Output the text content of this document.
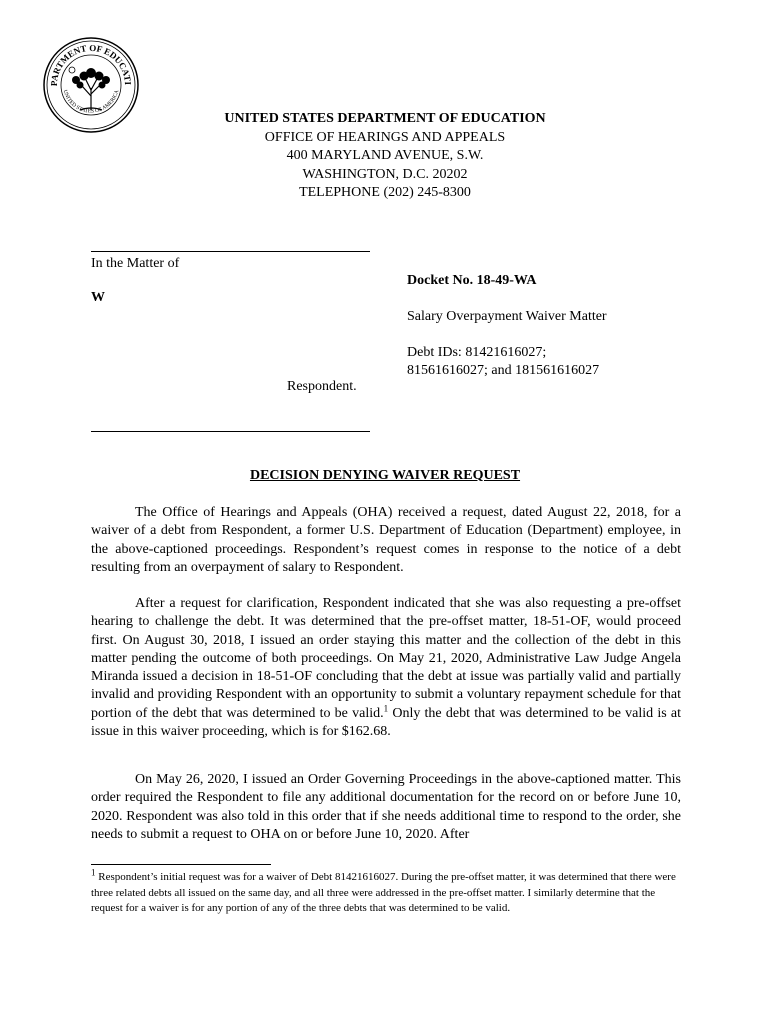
PARTMENT OF EDUCATI
UNITED STATES OF AMERICA
UNITED STATES DEPARTMENT OF EDUCATION
OFFICE OF HEARINGS AND APPEALS
400 MARYLAND AVENUE, S.W.
WASHINGTON, D.C. 20202
TELEPHONE (202) 245-8300
In the Matter of
W
Respondent.
Docket No. 18-49-WA
Salary Overpayment Waiver Matter
Debt IDs: 81421616027;
81561616027; and 181561616027
DECISION DENYING WAIVER REQUEST
The Office of Hearings and Appeals (OHA) received a request, dated August 22, 2018, for a waiver of a debt from Respondent, a former U.S. Department of Education (Department) employee, in the above-captioned proceedings. Respondent’s request comes in response to the notice of a debt resulting from an overpayment of salary to Respondent.
After a request for clarification, Respondent indicated that she was also requesting a pre-offset hearing to challenge the debt. It was determined that the pre-offset matter, 18-51-OF, would proceed first. On August 30, 2018, I issued an order staying this matter and the collection of the debt in this matter pending the outcome of both proceedings. On May 21, 2020, Administrative Law Judge Angela Miranda issued a decision in 18-51-OF concluding that the debt at issue was partially valid and partially invalid and providing Respondent with an opportunity to submit a voluntary repayment schedule for that portion of the debt that was determined to be valid.$^1$ Only the debt that was determined to be valid is at issue in this waiver proceeding, which is for $162.68.
On May 26, 2020, I issued an Order Governing Proceedings in the above-captioned matter. This order required the Respondent to file any additional documentation for the record on or before June 10, 2020. Respondent was also told in this order that if she needs additional time to respond to the order, she needs to submit a request to OHA on or before June 10, 2020. After
$^1$ Respondent’s initial request was for a waiver of Debt 81421616027. During the pre-offset matter, it was determined that there were three related debts all issued on the same day, and all three were addressed in the pre-offset matter. I similarly determine that the request for a waiver is for any portion of any of the three debts that was determined to be valid.
